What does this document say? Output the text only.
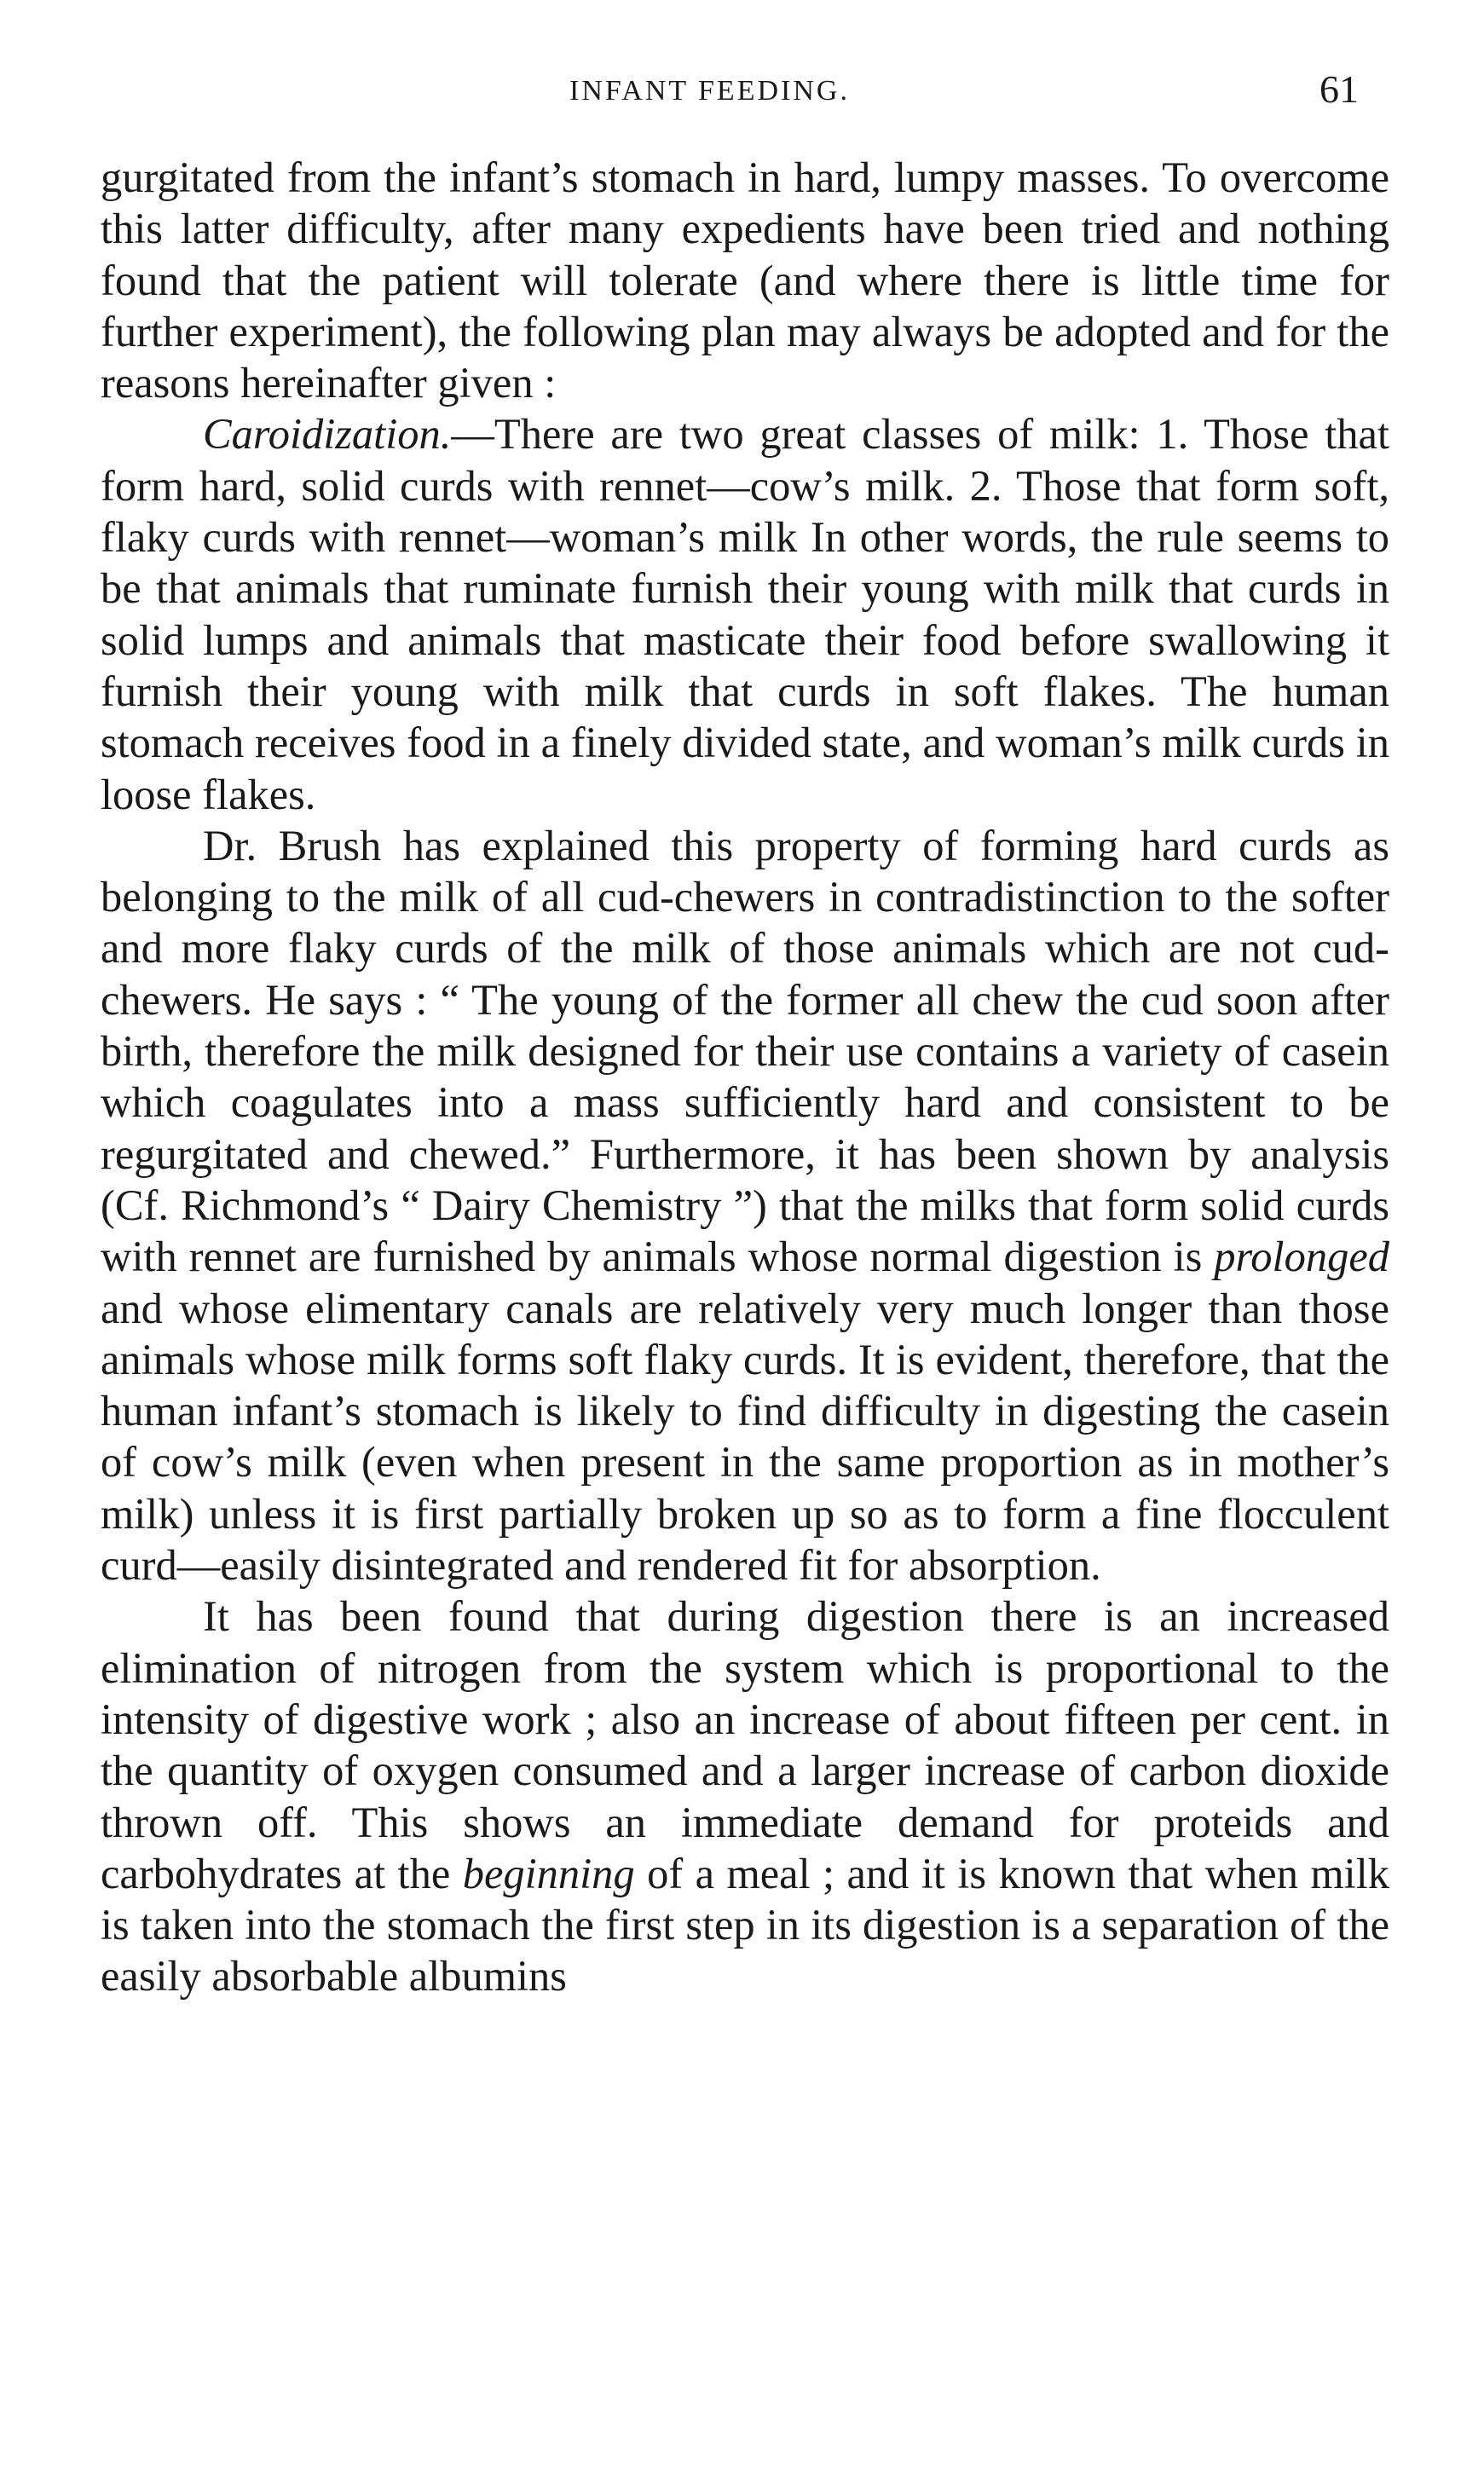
INFANT FEEDING.	61

gurgitated from the infant’s stomach in hard, lumpy masses. To overcome this latter difficulty, after many expedients have been tried and nothing found that the patient will tolerate (and where there is little time for further experiment), the following plan may always be adopted and for the reasons hereinafter given :

Caroidization.—There are two great classes of milk: 1. Those that form hard, solid curds with rennet—cow’s milk. 2. Those that form soft, flaky curds with rennet—woman’s milk In other words, the rule seems to be that animals that ruminate furnish their young with milk that curds in solid lumps and animals that masticate their food before swallowing it furnish their young with milk that curds in soft flakes. The human stomach receives food in a finely divided state, and woman’s milk curds in loose flakes.

Dr. Brush has explained this property of forming hard curds as belonging to the milk of all cud-chewers in contradistinction to the softer and more flaky curds of the milk of those animals which are not cud-chewers. He says : “ The young of the former all chew the cud soon after birth, therefore the milk designed for their use contains a variety of casein which coagulates into a mass sufficiently hard and consistent to be regurgitated and chewed.” Furthermore, it has been shown by analysis (Cf. Richmond’s “ Dairy Chemistry ”) that the milks that form solid curds with rennet are furnished by animals whose normal digestion is prolonged and whose elimentary canals are relatively very much longer than those animals whose milk forms soft flaky curds. It is evident, therefore, that the human infant’s stomach is likely to find difficulty in digesting the casein of cow’s milk (even when present in the same proportion as in mother’s milk) unless it is first partially broken up so as to form a fine flocculent curd—easily disintegrated and rendered fit for absorption.

It has been found that during digestion there is an increased elimination of nitrogen from the system which is proportional to the intensity of digestive work ; also an increase of about fifteen per cent. in the quantity of oxygen consumed and a larger increase of carbon dioxide thrown off. This shows an immediate demand for proteids and carbohydrates at the beginning of a meal ; and it is known that when milk is taken into the stomach the first step in its digestion is a separation of the easily absorbable albumins
